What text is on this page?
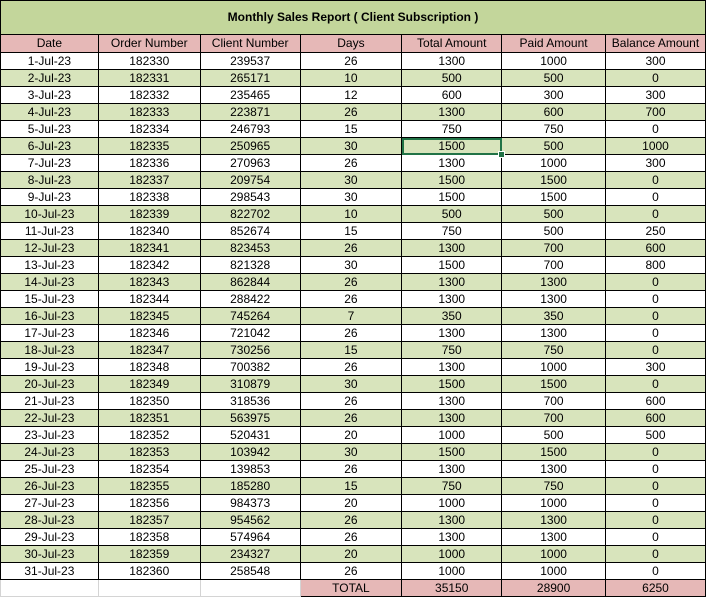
Monthly Sales Report ( Client Subscription )						
Date	Order Number	Client Number	Days	Total Amount	Paid Amount	Balance Amount
1-Jul-23	182330	239537	26	1300	1000	300
2-Jul-23	182331	265171	10	500	500	0
3-Jul-23	182332	235465	12	600	300	300
4-Jul-23	182333	223871	26	1300	600	700
5-Jul-23	182334	246793	15	750	750	0
6-Jul-23	182335	250965	30	1500	500	1000
7-Jul-23	182336	270963	26	1300	1000	300
8-Jul-23	182337	209754	30	1500	1500	0
9-Jul-23	182338	298543	30	1500	1500	0
10-Jul-23	182339	822702	10	500	500	0
11-Jul-23	182340	852674	15	750	500	250
12-Jul-23	182341	823453	26	1300	700	600
13-Jul-23	182342	821328	30	1500	700	800
14-Jul-23	182343	862844	26	1300	1300	0
15-Jul-23	182344	288422	26	1300	1300	0
16-Jul-23	182345	745264	7	350	350	0
17-Jul-23	182346	721042	26	1300	1300	0
18-Jul-23	182347	730256	15	750	750	0
19-Jul-23	182348	700382	26	1300	1000	300
20-Jul-23	182349	310879	30	1500	1500	0
21-Jul-23	182350	318536	26	1300	700	600
22-Jul-23	182351	563975	26	1300	700	600
23-Jul-23	182352	520431	20	1000	500	500
24-Jul-23	182353	103942	30	1500	1500	0
25-Jul-23	182354	139853	26	1300	1300	0
26-Jul-23	182355	185280	15	750	750	0
27-Jul-23	182356	984373	20	1000	1000	0
28-Jul-23	182357	954562	26	1300	1300	0
29-Jul-23	182358	574964	26	1300	1300	0
30-Jul-23	182359	234327	20	1000	1000	0
31-Jul-23	182360	258548	26	1000	1000	0
			TOTAL	35150	28900	6250
